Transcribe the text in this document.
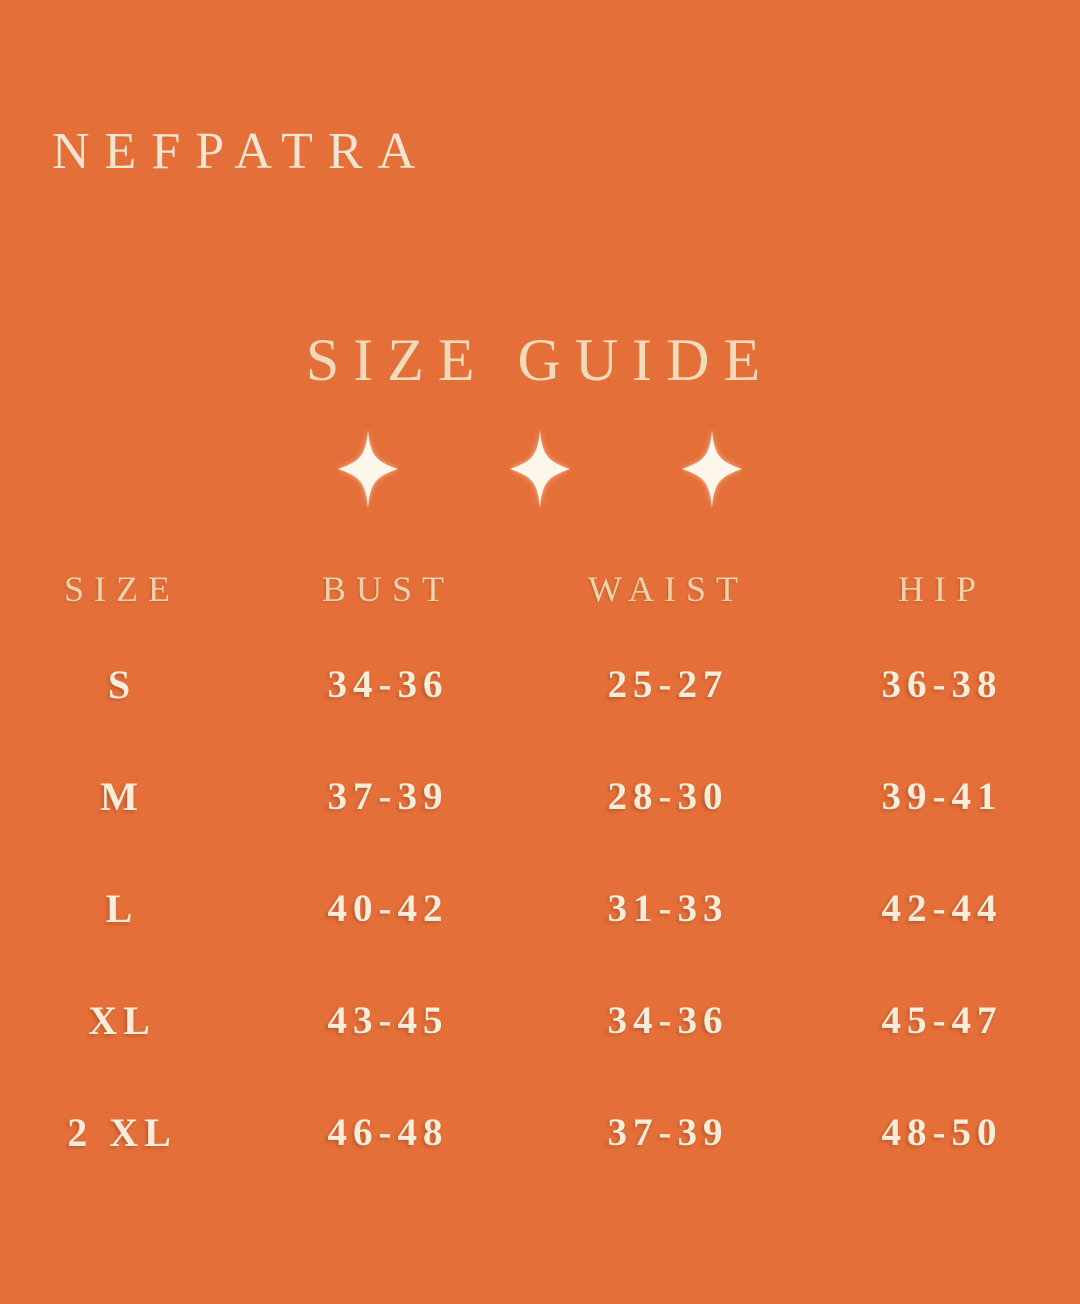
NEFPATRA
SIZE GUIDE
SIZE	BUST	WAIST	HIP
S	34-36	25-27	36-38
M	37-39	28-30	39-41
L	40-42	31-33	42-44
XL	43-45	34-36	45-47
2 XL	46-48	37-39	48-50
